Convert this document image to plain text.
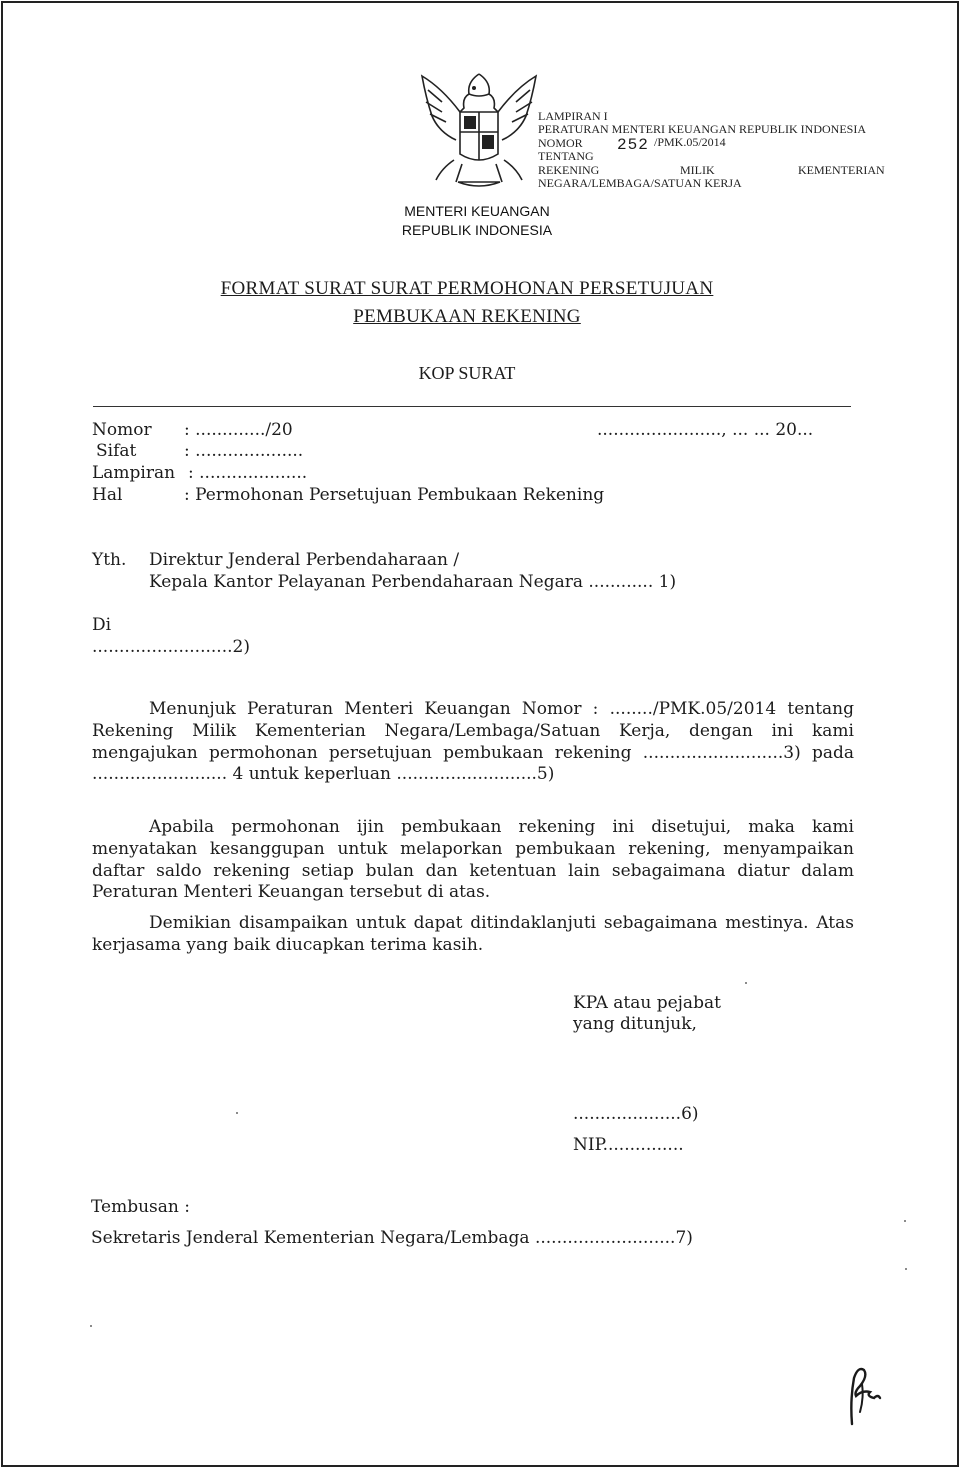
LAMPIRAN I
PERATURAN MENTERI KEUANGAN REPUBLIK INDONESIA
NOMOR	/PMK.05/2014
TENTANG
REKENING	MILIK	KEMENTERIAN
NEGARA/LEMBAGA/SATUAN KERJA
252
MENTERI KEUANGAN
REPUBLIK INDONESIA
FORMAT SURAT SURAT PERMOHONAN PERSETUJUAN
PEMBUKAAN REKENING
KOP SURAT
Nomor : ............./20	......................., ... ... 20...
Sifat	: ....................
Lampiran : ....................
Hal	: Permohonan Persetujuan Pembukaan Rekening
Yth. Direktur Jenderal Perbendaharaan /
Kepala Kantor Pelayanan Perbendaharaan Negara ............ 1)
Di
..........................2)
Menunjuk Peraturan Menteri Keuangan Nomor : ......../PMK.05/2014 tentang Rekening Milik Kementerian Negara/Lembaga/Satuan Kerja, dengan ini kami mengajukan permohonan persetujuan pembukaan rekening ..........................3) pada ......................... 4 untuk keperluan ..........................5)
Apabila permohonan ijin pembukaan rekening ini disetujui, maka kami menyatakan kesanggupan untuk melaporkan pembukaan rekening, menyampaikan daftar saldo rekening setiap bulan dan ketentuan lain sebagaimana diatur dalam Peraturan Menteri Keuangan tersebut di atas.
Demikian disampaikan untuk dapat ditindaklanjuti sebagaimana mestinya. Atas kerjasama yang baik diucapkan terima kasih.
KPA atau pejabat
yang ditunjuk,
....................6)
NIP...............
Tembusan :
Sekretaris Jenderal Kementerian Negara/Lembaga ..........................7)
